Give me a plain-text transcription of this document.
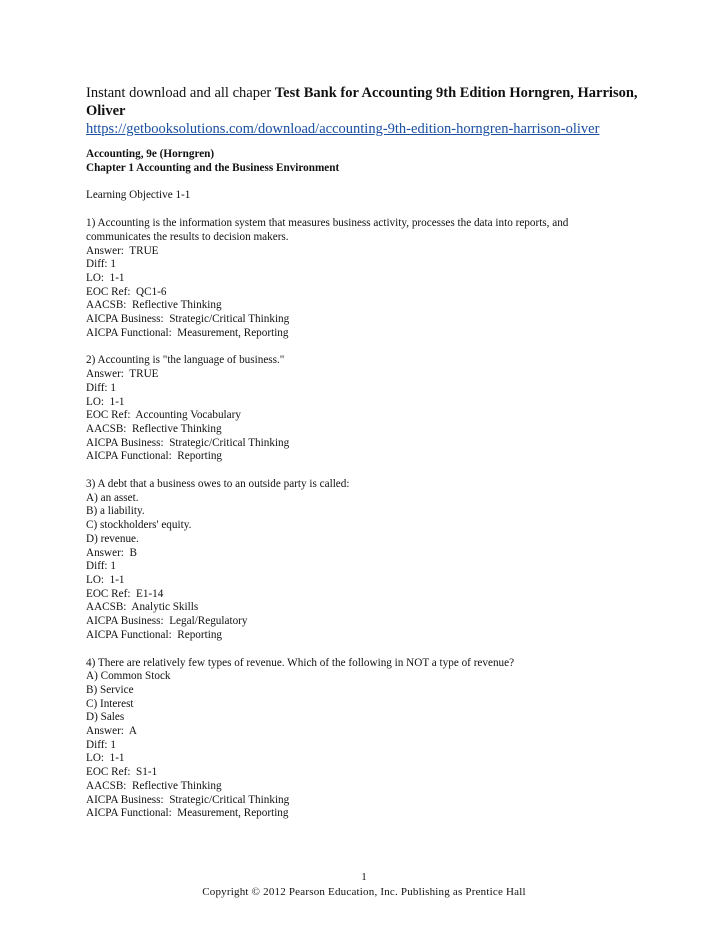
Instant download and all chaper Test Bank for Accounting 9th Edition Horngren, Harrison, Oliver
https://getbooksolutions.com/download/accounting-9th-edition-horngren-harrison-oliver
Accounting, 9e (Horngren)
Chapter 1 Accounting and the Business Environment
Learning Objective 1-1
1) Accounting is the information system that measures business activity, processes the data into reports, and
communicates the results to decision makers.
Answer:  TRUE
Diff: 1
LO:  1-1
EOC Ref:  QC1-6
AACSB:  Reflective Thinking
AICPA Business:  Strategic/Critical Thinking
AICPA Functional:  Measurement, Reporting
2) Accounting is "the language of business."
Answer:  TRUE
Diff: 1
LO:  1-1
EOC Ref:  Accounting Vocabulary
AACSB:  Reflective Thinking
AICPA Business:  Strategic/Critical Thinking
AICPA Functional:  Reporting
3) A debt that a business owes to an outside party is called:
A) an asset.
B) a liability.
C) stockholders' equity.
D) revenue.
Answer:  B
Diff: 1
LO:  1-1
EOC Ref:  E1-14
AACSB:  Analytic Skills
AICPA Business:  Legal/Regulatory
AICPA Functional:  Reporting
4) There are relatively few types of revenue. Which of the following in NOT a type of revenue?
A) Common Stock
B) Service
C) Interest
D) Sales
Answer:  A
Diff: 1
LO:  1-1
EOC Ref:  S1-1
AACSB:  Reflective Thinking
AICPA Business:  Strategic/Critical Thinking
AICPA Functional:  Measurement, Reporting
1
Copyright © 2012 Pearson Education, Inc. Publishing as Prentice Hall
